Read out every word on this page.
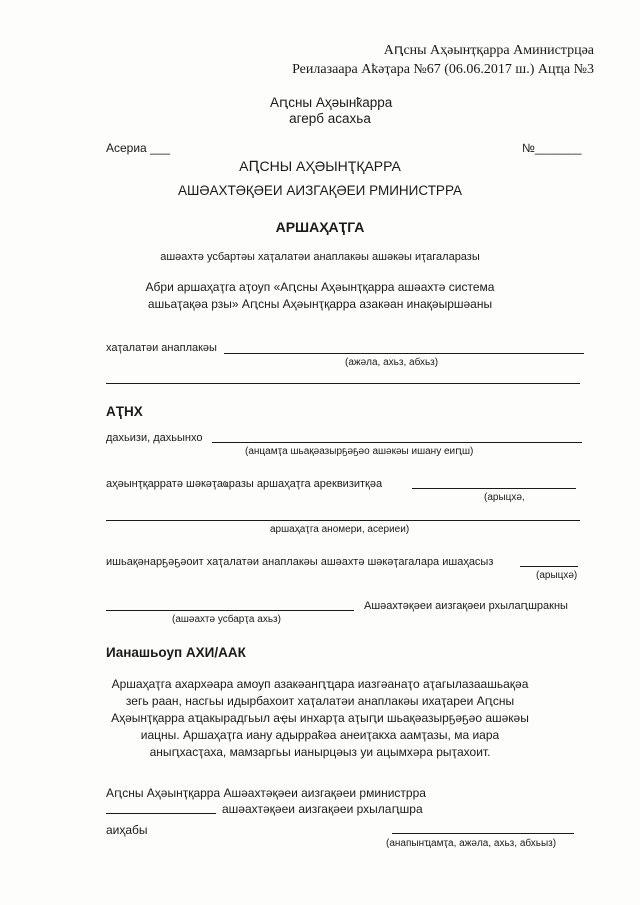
Аԥсны Аҳәынҭқарра Аминистрцәа
Реилазаара Аҟәҭара №67 (06.06.2017 ш.) Ацҵа №3
Аԥсны Аҳәынҟарра
агерб асахьа
Асериа ___	№_______
АԤСНЫ АҲӘЫНҬҚАРРА
АШӘАХТӘҚӘЕИ АИЗГАҚӘЕИ РМИНИСТРРА
АРШАҲАҬГА
ашәахтә усбартәы хаҭалатәи анаплакәы ашәкәы иҭагаларазы
Абри аршаҳаҭга аҭоуп «Аԥсны Аҳәынҭқарра ашәахтә система
ашьаҭақәа рзы» Аԥсны Аҳәынҭқарра азакәан инақәыршәаны
хаҭалатәи анаплакәы
(ажәла, ахьз, абхьз)
АҬНХ
дахьизи, дахьынхо
(анцамҭа шьақәазырҕәҕәо ашәкәы ишану еиԥш)
аҳәынҭқарратә шәкәҭаҩразы аршаҳаҭга ареквизитқәа
(арыцхә,
аршаҳаҭга аномери, асериеи)
ишьақәнарҕәҕәоит хаҭалатәи анаплакәы ашәахтә шәкәҭагалара ишаҳасыз
(арыцхә)
Ашәахтәқәеи аизгақәеи рхылаԥшракны
(ашәахтә усбарҭа ахьз)
Ианашьоуп АХИ/ААК
Аршаҳаҭга ахархәара амоуп азакәанԥҵара иазгәанаҭо аҭагылазаашьақәа
зегь раан, насгьы идырбахоит хаҭалатәи анаплакәы ихаҭареи Аԥсны
Аҳәынҭқарра аҵакырадгьыл аҿы инхарҭа аҭыԥи шьақәазырҕәҕәо ашәкәы
иацны. Аршаҳаҭга иану адырраҟәа анеиҭакха аамҭазы, ма иара
аныԥхасҭаха, мамзаргьы ианырцәыз уи ацымхәра рыҭахоит.
Аԥсны Аҳәынҭқарра Ашәахтәқәеи аизгақәеи рминистрра
ашәахтәқәеи аизгақәеи рхылаԥшра
аиҳабы
(анапынҵамҭа, ажәла, ахьз, абхьыз)
